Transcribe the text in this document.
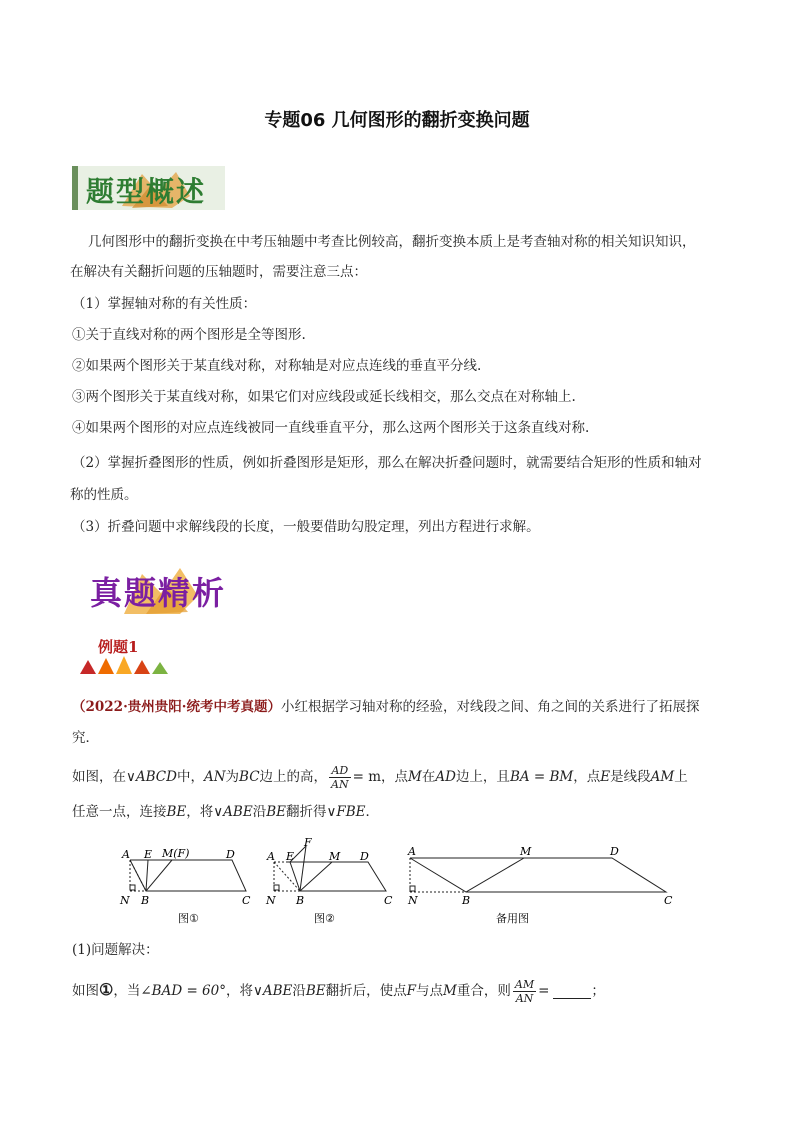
专题06 几何图形的翻折变换问题
题型概述
几何图形中的翻折变换在中考压轴题中考查比例较高，翻折变换本质上是考查轴对称的相关知识知识，
在解决有关翻折问题的压轴题时，需要注意三点：
（1）掌握轴对称的有关性质：
①关于直线对称的两个图形是全等图形.
②如果两个图形关于某直线对称，对称轴是对应点连线的垂直平分线.
③两个图形关于某直线对称，如果它们对应线段或延长线相交，那么交点在对称轴上.
④如果两个图形的对应点连线被同一直线垂直平分，那么这两个图形关于这条直线对称.
（2）掌握折叠图形的性质，例如折叠图形是矩形，那么在解决折叠问题时，就需要结合矩形的性质和轴对
称的性质。
（3）折叠问题中求解线段的长度，一般要借助勾股定理，列出方程进行求解。
真题精析
例题1
（2022·贵州贵阳·统考中考真题）小红根据学习轴对称的经验，对线段之间、角之间的关系进行了拓展探
究．
如图，在∨ABCD中，AN为BC边上的高， $\frac{AD}{AN} = m$，点M在AD边上，且BA = BM，点E是线段AM上
任意一点，连接BE，将∨ABE沿BE翻折得∨FBE．
A E M(F)	D
N B	C
图①
F
A E	M D
N B	C
图②
A	M	D
N	B	C
备用图
(1)问题解决：
如图①，当∠BAD = 60°，将∨ABE沿BE翻折后，使点F与点M重合，则 $\frac{AM}{AN}$ =	；
